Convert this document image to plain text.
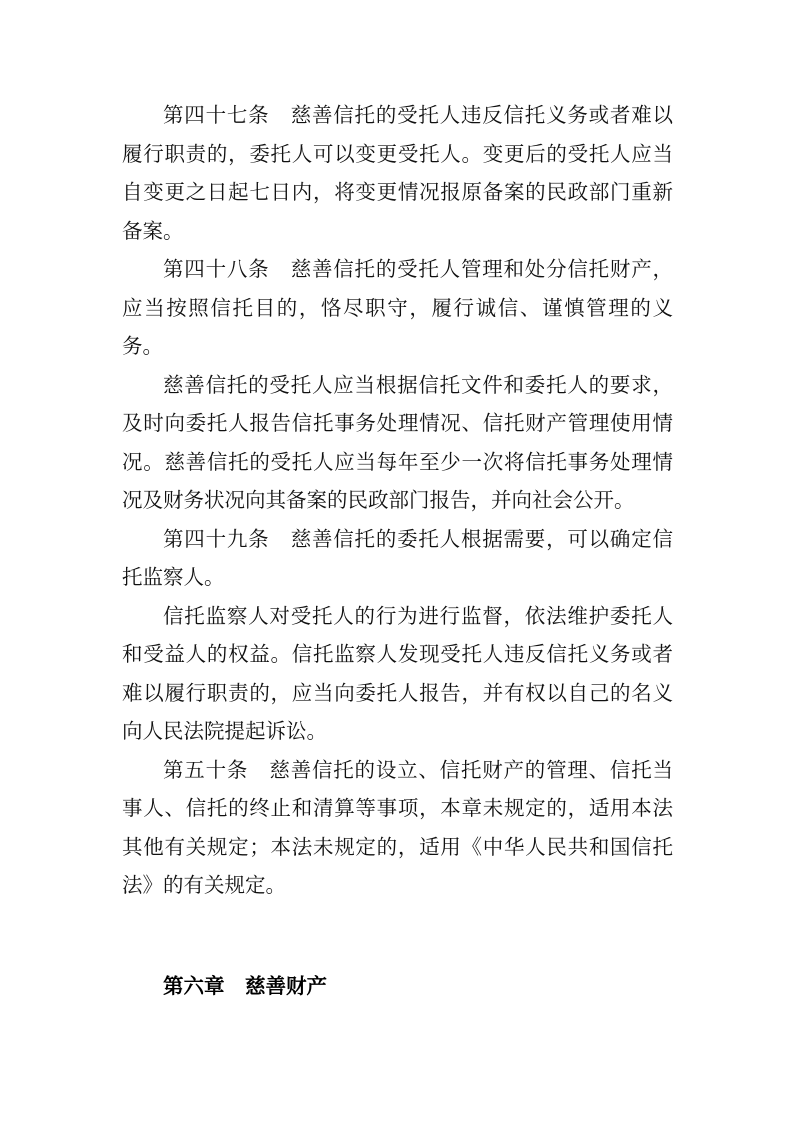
第四十七条　慈善信托的受托人违反信托义务或者难以履行职责的，委托人可以变更受托人。变更后的受托人应当自变更之日起七日内，将变更情况报原备案的民政部门重新备案。

第四十八条　慈善信托的受托人管理和处分信托财产，应当按照信托目的，恪尽职守，履行诚信、谨慎管理的义务。

慈善信托的受托人应当根据信托文件和委托人的要求，及时向委托人报告信托事务处理情况、信托财产管理使用情况。慈善信托的受托人应当每年至少一次将信托事务处理情况及财务状况向其备案的民政部门报告，并向社会公开。

第四十九条　慈善信托的委托人根据需要，可以确定信托监察人。

信托监察人对受托人的行为进行监督，依法维护委托人和受益人的权益。信托监察人发现受托人违反信托义务或者难以履行职责的，应当向委托人报告，并有权以自己的名义向人民法院提起诉讼。

第五十条　慈善信托的设立、信托财产的管理、信托当事人、信托的终止和清算等事项，本章未规定的，适用本法其他有关规定；本法未规定的，适用《中华人民共和国信托法》的有关规定。

第六章　慈善财产
